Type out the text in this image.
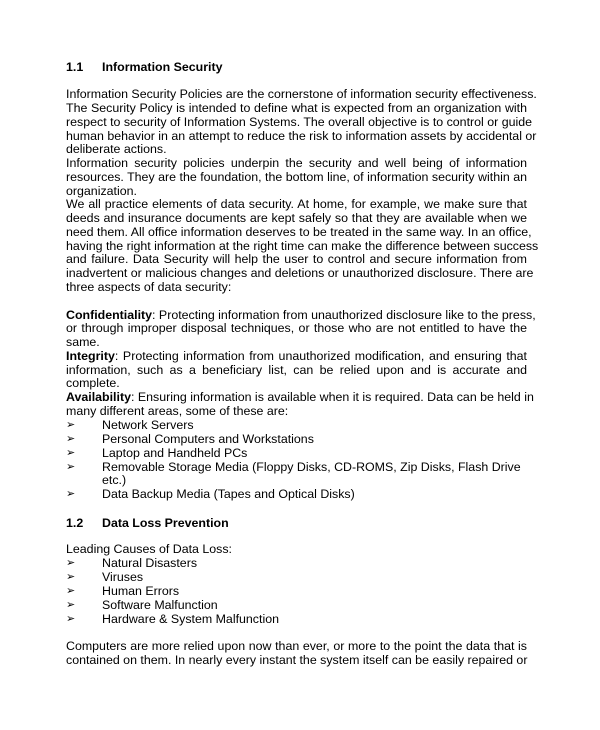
1.1 Information Security
Information Security Policies are the cornerstone of information security effectiveness.
The Security Policy is intended to define what is expected from an organization with
respect to security of Information Systems. The overall objective is to control or guide
human behavior in an attempt to reduce the risk to information assets by accidental or
deliberate actions.
Information security policies underpin the security and well being of information
resources. They are the foundation, the bottom line, of information security within an
organization.
We all practice elements of data security. At home, for example, we make sure that
deeds and insurance documents are kept safely so that they are available when we
need them. All office information deserves to be treated in the same way. In an office,
having the right information at the right time can make the difference between success
and failure. Data Security will help the user to control and secure information from
inadvertent or malicious changes and deletions or unauthorized disclosure. There are
three aspects of data security:
Confidentiality: Protecting information from unauthorized disclosure like to the press,
or through improper disposal techniques, or those who are not entitled to have the
same.
Integrity: Protecting information from unauthorized modification, and ensuring that
information, such as a beneficiary list, can be relied upon and is accurate and
complete.
Availability: Ensuring information is available when it is required. Data can be held in
many different areas, some of these are:
➢ Network Servers
➢ Personal Computers and Workstations
➢ Laptop and Handheld PCs
➢ Removable Storage Media (Floppy Disks, CD-ROMS, Zip Disks, Flash Drive
etc.)
➢ Data Backup Media (Tapes and Optical Disks)
1.2 Data Loss Prevention
Leading Causes of Data Loss:
➢ Natural Disasters
➢ Viruses
➢ Human Errors
➢ Software Malfunction
➢ Hardware & System Malfunction
Computers are more relied upon now than ever, or more to the point the data that is
contained on them. In nearly every instant the system itself can be easily repaired or
